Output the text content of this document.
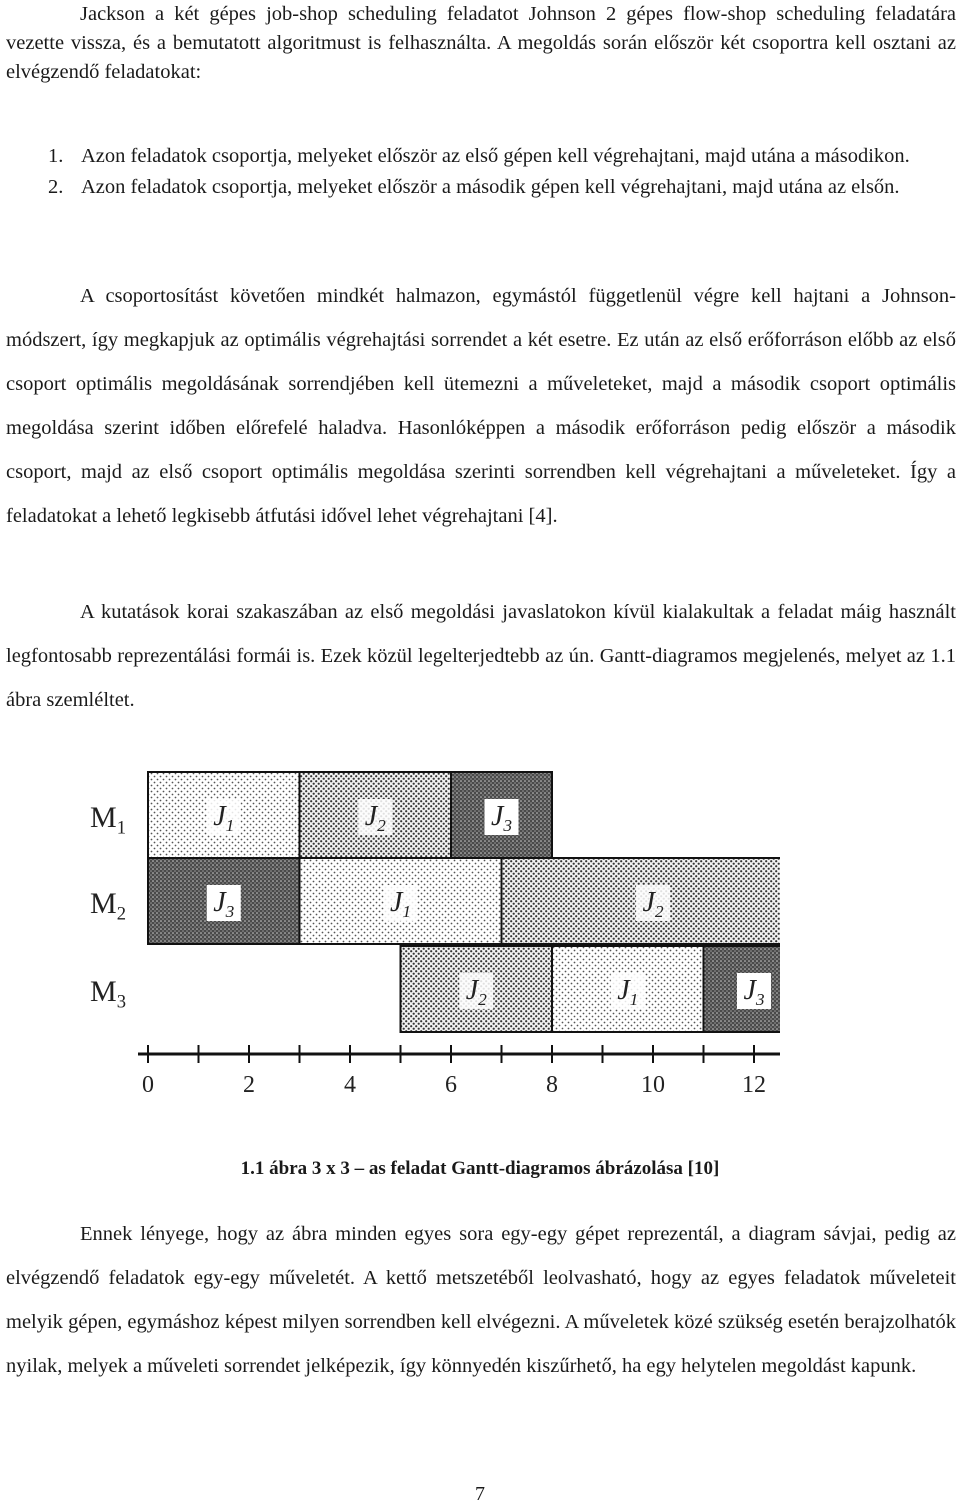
Jackson a két gépes job-shop scheduling feladatot Johnson 2 gépes flow-shop scheduling feladatára vezette vissza, és a bemutatott algoritmust is felhasználta. A megoldás során először két csoportra kell osztani az elvégzendő feladatokat:

1. Azon feladatok csoportja, melyeket először az első gépen kell végrehajtani, majd utána a másodikon.
2. Azon feladatok csoportja, melyeket először a második gépen kell végrehajtani, majd utána az elsőn.

A csoportosítást követően mindkét halmazon, egymástól függetlenül végre kell hajtani a Johnson-módszert, így megkapjuk az optimális végrehajtási sorrendet a két esetre. Ez után az első erőforráson előbb az első csoport optimális megoldásának sorrendjében kell ütemezni a műveleteket, majd a második csoport optimális megoldása szerint időben előrefelé haladva. Hasonlóképpen a második erőforráson pedig először a második csoport, majd az első csoport optimális megoldása szerinti sorrendben kell végrehajtani a műveleteket. Így a feladatokat a lehető legkisebb átfutási idővel lehet végrehajtani [4].

A kutatások korai szakaszában az első megoldási javaslatokon kívül kialakultak a feladat máig használt legfontosabb reprezentálási formái is. Ezek közül legelterjedtebb az ún. Gantt-diagramos megjelenés, melyet az 1.1 ábra szemléltet.

$M_1$
$M_2$
$M_3$
$J_1$	$J_2$	$J_3$
$J_3$	$J_1$	$J_2$
$J_2$	$J_1$	$J_3$
0	2	4	6	8	10	12
1.1 ábra 3 x 3 – as feladat Gantt-diagramos ábrázolása [10]

Ennek lényege, hogy az ábra minden egyes sora egy-egy gépet reprezentál, a diagram sávjai, pedig az elvégzendő feladatok egy-egy műveletét. A kettő metszetéből leolvasható, hogy az egyes feladatok műveleteit melyik gépen, egymáshoz képest milyen sorrendben kell elvégezni. A műveletek közé szükség esetén berajzolhatók nyilak, melyek a műveleti sorrendet jelképezik, így könnyedén kiszűrhető, ha egy helytelen megoldást kapunk.

7
